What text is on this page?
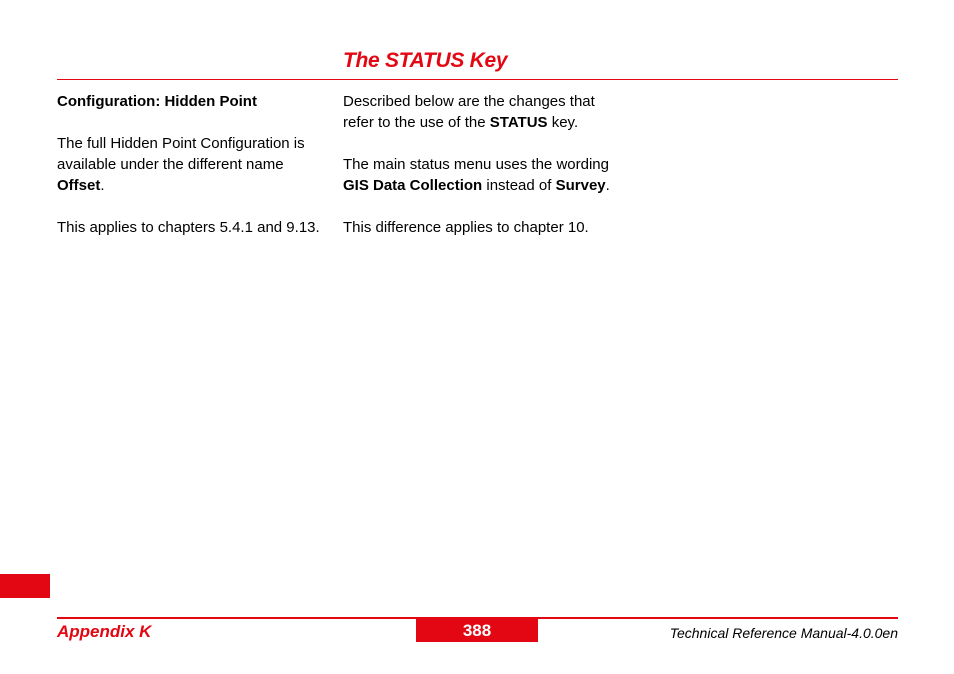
The STATUS Key

Configuration: Hidden Point

The full Hidden Point Configuration is available under the different name Offset.

This applies to chapters 5.4.1 and 9.13.

Described below are the changes that refer to the use of the STATUS key.

The main status menu uses the wording GIS Data Collection instead of Survey.

This difference applies to chapter 10.

Appendix K	388	Technical Reference Manual-4.0.0en
